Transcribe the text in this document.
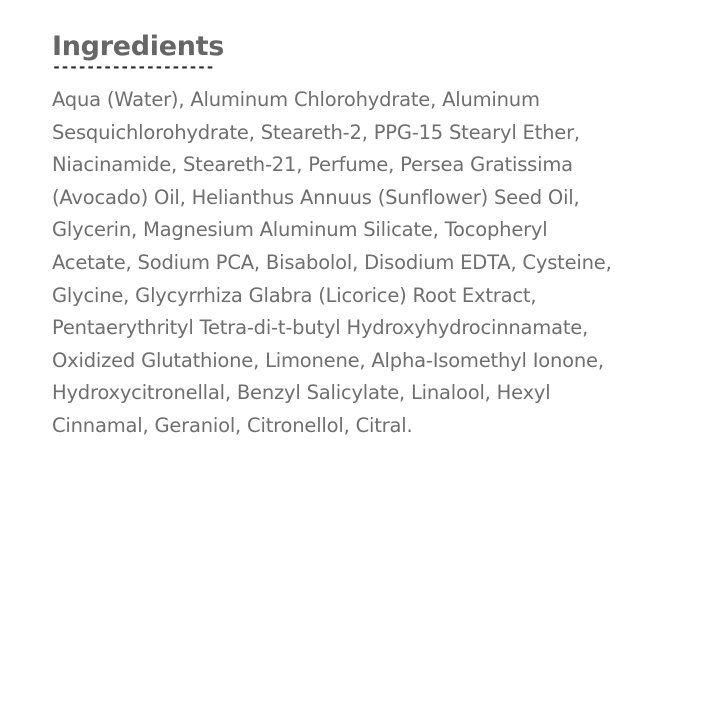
Ingredients
-------------------

Aqua (Water), Aluminum Chlorohydrate, Aluminum Sesquichlorohydrate, Steareth-2, PPG-15 Stearyl Ether, Niacinamide, Steareth-21, Perfume, Persea Gratissima (Avocado) Oil, Helianthus Annuus (Sunflower) Seed Oil, Glycerin, Magnesium Aluminum Silicate, Tocopheryl Acetate, Sodium PCA, Bisabolol, Disodium EDTA, Cysteine, Glycine, Glycyrrhiza Glabra (Licorice) Root Extract, Pentaerythrityl Tetra-di-t-butyl Hydroxyhydrocinnamate, Oxidized Glutathione, Limonene, Alpha-Isomethyl Ionone, Hydroxycitronellal, Benzyl Salicylate, Linalool, Hexyl Cinnamal, Geraniol, Citronellol, Citral.
